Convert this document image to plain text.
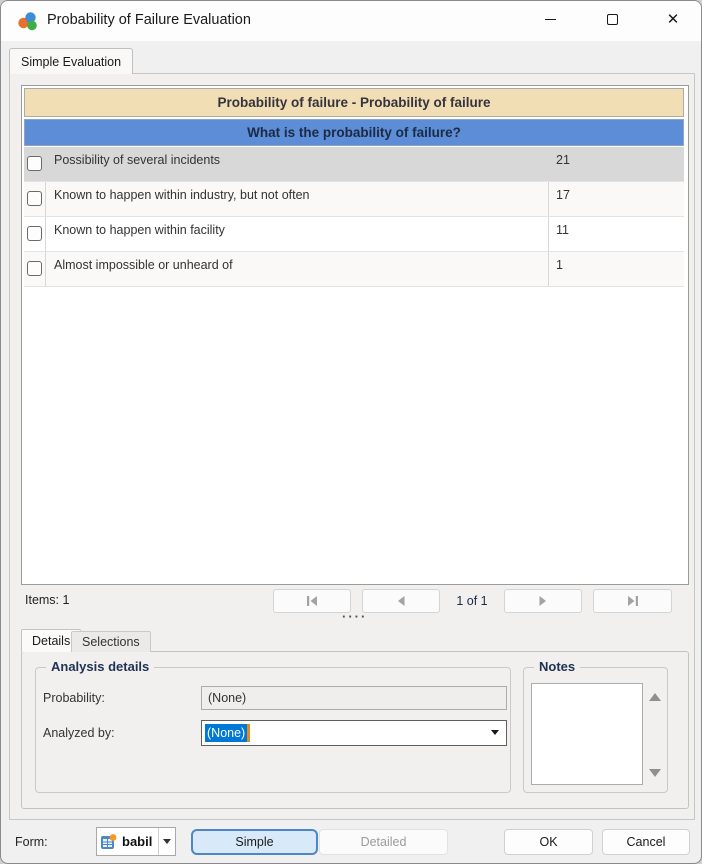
Probability of Failure Evaluation	✕
Simple Evaluation
Probability of failure - Probability of failure
What is the probability of failure?
Possibility of several incidents	21
Known to happen within industry, but not often	17
Known to happen within facility	11
Almost impossible or unheard of	1
Items: 1	1 of 1
····
Details Selections
Analysis details
Probability:	(None)
Analyzed by:	(None)
Notes
Form:	babil	Simple	Detailed	OK	Cancel
